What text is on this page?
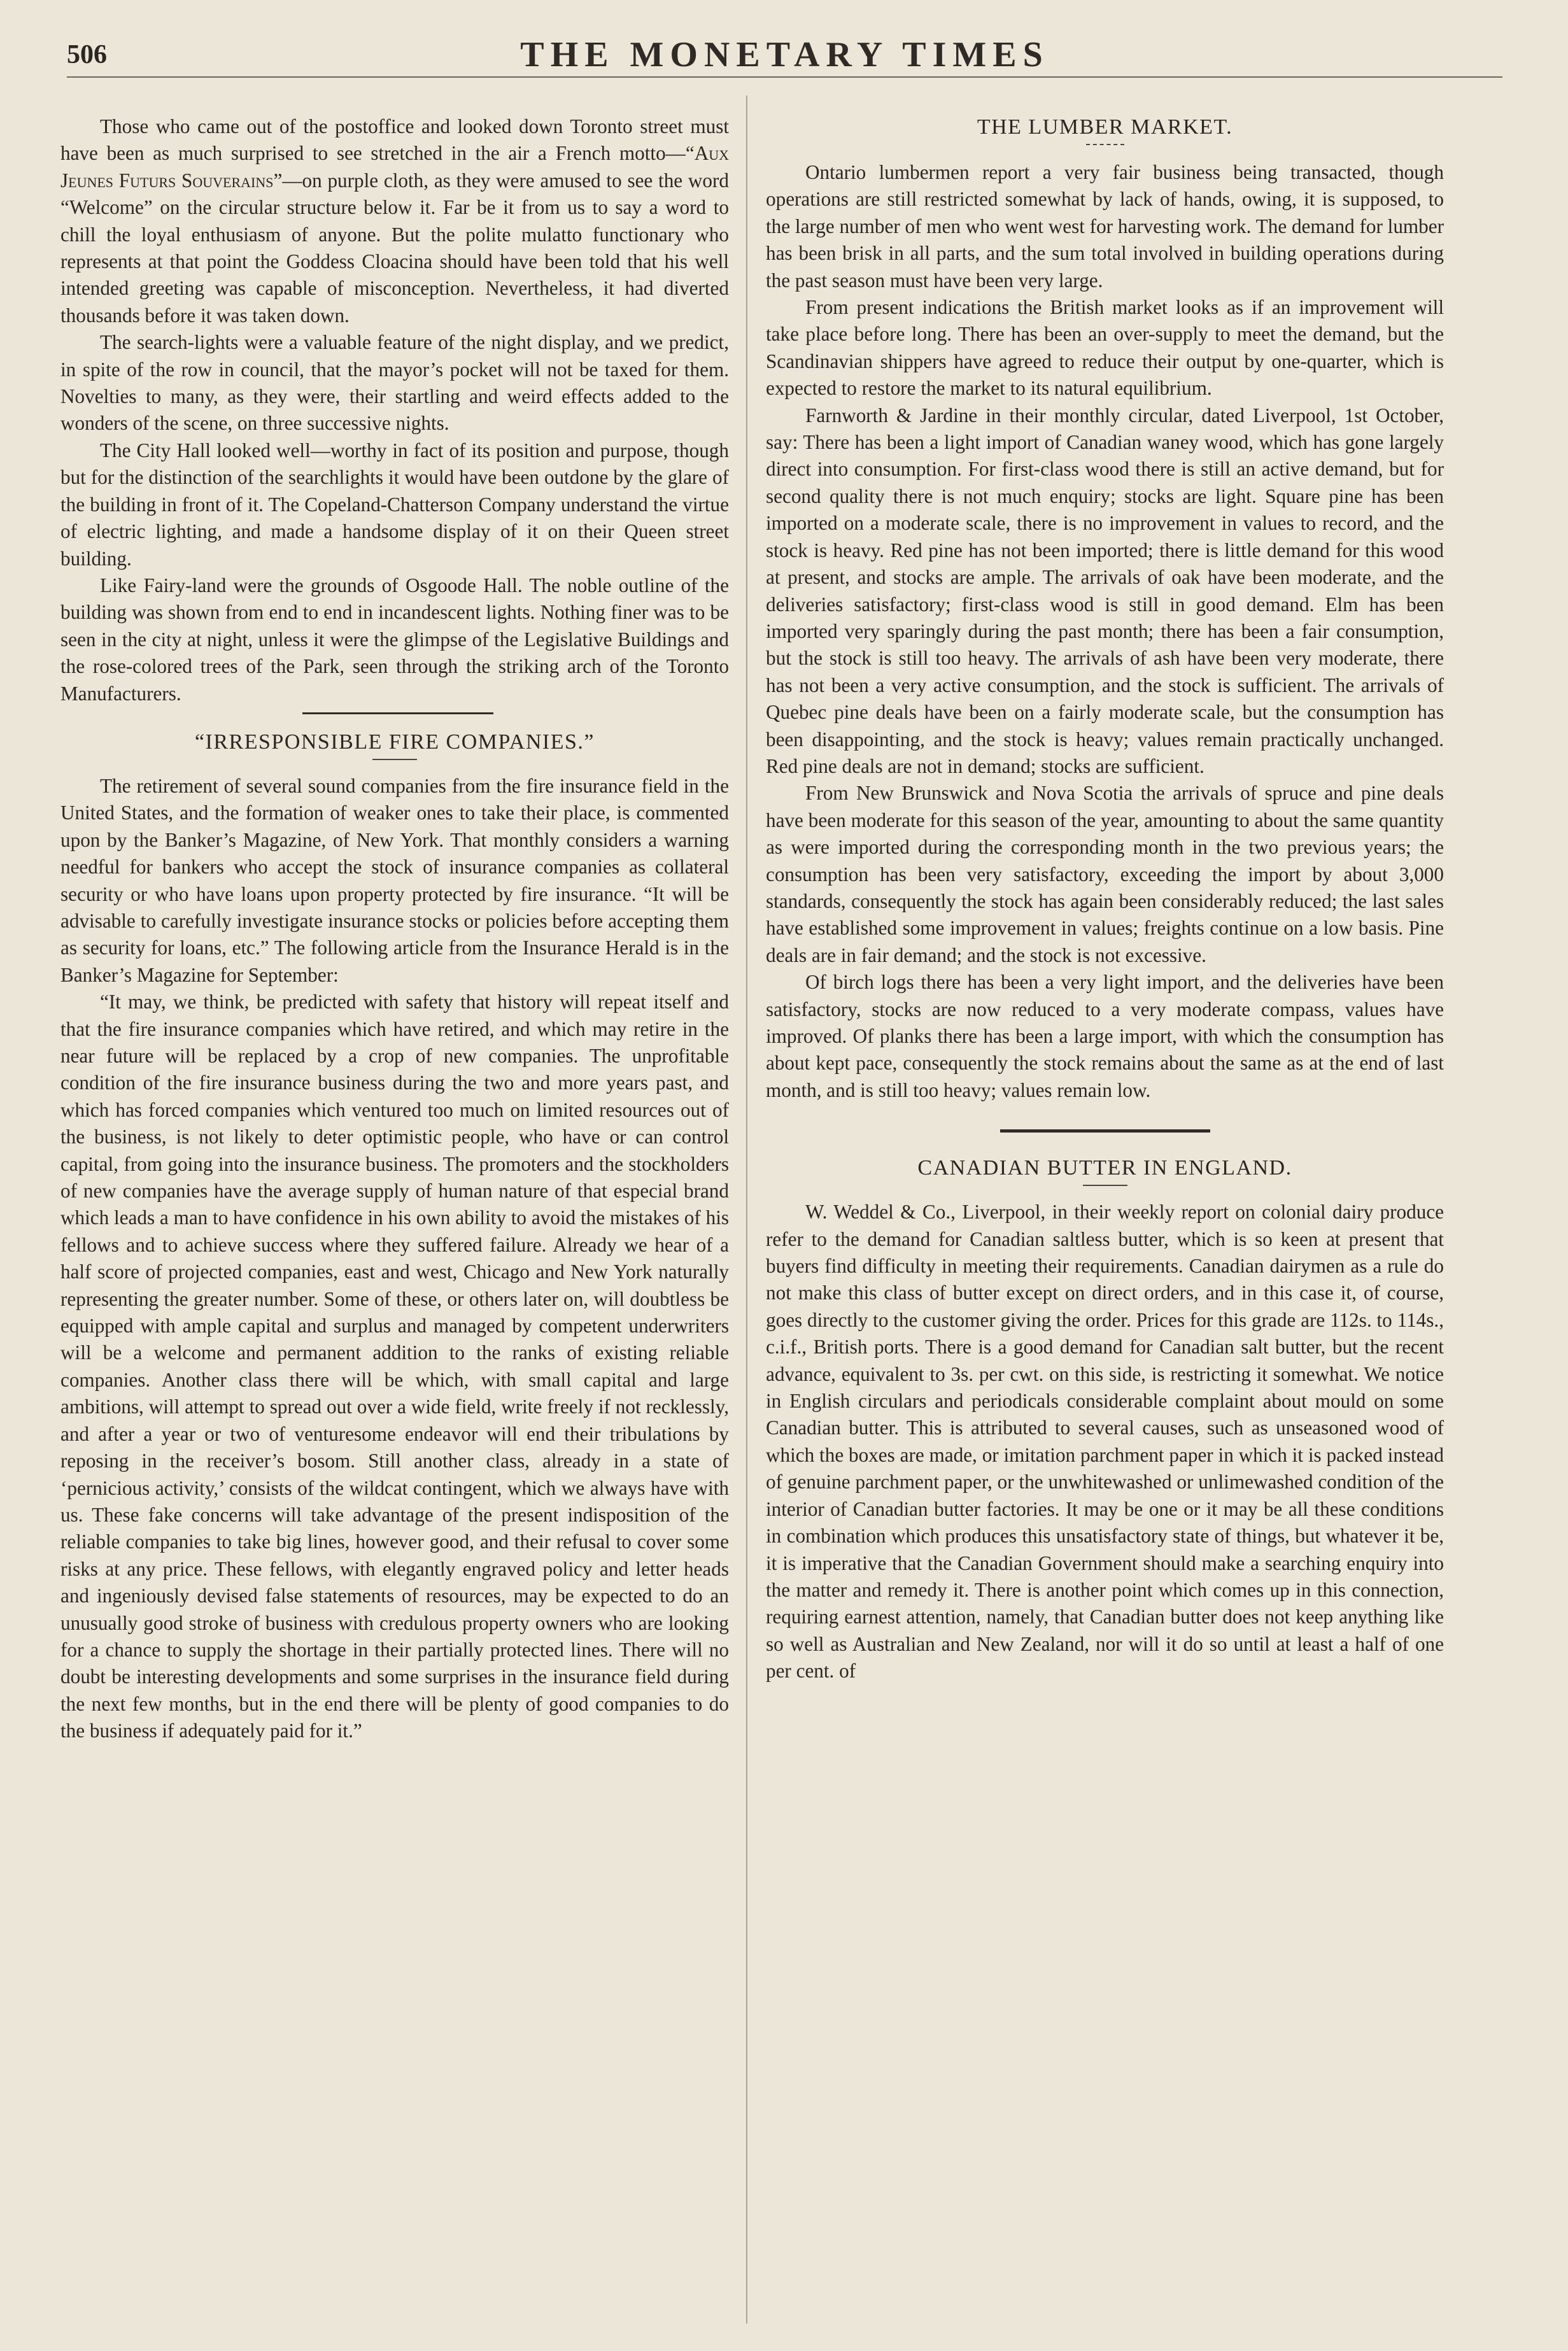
506	THE MONETARY TIMES

Those who came out of the postoffice and looked down Toronto street must have been as much surprised to see stretched in the air a French motto—“Aux Jeunes Futurs Souverains”—on purple cloth, as they were amused to see the word “Welcome” on the circular structure below it. Far be it from us to say a word to chill the loyal enthusiasm of anyone. But the polite mulatto functionary who represents at that point the Goddess Cloacina should have been told that his well intended greeting was capable of misconception. Nevertheless, it had diverted thousands before it was taken down.

The search-lights were a valuable feature of the night display, and we predict, in spite of the row in council, that the mayor’s pocket will not be taxed for them. Novelties to many, as they were, their startling and weird effects added to the wonders of the scene, on three successive nights.

The City Hall looked well—worthy in fact of its position and purpose, though but for the distinction of the searchlights it would have been outdone by the glare of the building in front of it. The Copeland-Chatterson Company understand the virtue of electric lighting, and made a handsome display of it on their Queen street building.

Like Fairy-land were the grounds of Osgoode Hall. The noble outline of the building was shown from end to end in incandescent lights. Nothing finer was to be seen in the city at night, unless it were the glimpse of the Legislative Buildings and the rose-colored trees of the Park, seen through the striking arch of the Toronto Manufacturers.

“IRRESPONSIBLE FIRE COMPANIES.”

The retirement of several sound companies from the fire insurance field in the United States, and the formation of weaker ones to take their place, is commented upon by the Banker’s Magazine, of New York. That monthly considers a warning needful for bankers who accept the stock of insurance companies as collateral security or who have loans upon property protected by fire insurance. “It will be advisable to carefully investigate insurance stocks or policies before accepting them as security for loans, etc.” The following article from the Insurance Herald is in the Banker’s Magazine for September:

“It may, we think, be predicted with safety that history will repeat itself and that the fire insurance companies which have retired, and which may retire in the near future will be replaced by a crop of new companies. The unprofitable condition of the fire insurance business during the two and more years past, and which has forced companies which ventured too much on limited resources out of the business, is not likely to deter optimistic people, who have or can control capital, from going into the insurance business. The promoters and the stockholders of new companies have the average supply of human nature of that especial brand which leads a man to have confidence in his own ability to avoid the mistakes of his fellows and to achieve success where they suffered failure. Already we hear of a half score of projected companies, east and west, Chicago and New York naturally representing the greater number. Some of these, or others later on, will doubtless be equipped with ample capital and surplus and managed by competent underwriters will be a welcome and permanent addition to the ranks of existing reliable companies. Another class there will be which, with small capital and large ambitions, will attempt to spread out over a wide field, write freely if not recklessly, and after a year or two of venturesome endeavor will end their tribulations by reposing in the receiver’s bosom. Still another class, already in a state of ‘pernicious activity,’ consists of the wildcat contingent, which we always have with us. These fake concerns will take advantage of the present indisposition of the reliable companies to take big lines, however good, and their refusal to cover some risks at any price. These fellows, with elegantly engraved policy and letter heads and ingeniously devised false statements of resources, may be expected to do an unusually good stroke of business with credulous property owners who are looking for a chance to supply the shortage in their partially protected lines. There will no doubt be interesting developments and some surprises in the insurance field during the next few months, but in the end there will be plenty of good companies to do the business if adequately paid for it.”

THE LUMBER MARKET.

Ontario lumbermen report a very fair business being transacted, though operations are still restricted somewhat by lack of hands, owing, it is supposed, to the large number of men who went west for harvesting work. The demand for lumber has been brisk in all parts, and the sum total involved in building operations during the past season must have been very large.

From present indications the British market looks as if an improvement will take place before long. There has been an over-supply to meet the demand, but the Scandinavian shippers have agreed to reduce their output by one-quarter, which is expected to restore the market to its natural equilibrium.

Farnworth & Jardine in their monthly circular, dated Liverpool, 1st October, say: There has been a light import of Canadian waney wood, which has gone largely direct into consumption. For first-class wood there is still an active demand, but for second quality there is not much enquiry; stocks are light. Square pine has been imported on a moderate scale, there is no improvement in values to record, and the stock is heavy. Red pine has not been imported; there is little demand for this wood at present, and stocks are ample. The arrivals of oak have been moderate, and the deliveries satisfactory; first-class wood is still in good demand. Elm has been imported very sparingly during the past month; there has been a fair consumption, but the stock is still too heavy. The arrivals of ash have been very moderate, there has not been a very active consumption, and the stock is sufficient. The arrivals of Quebec pine deals have been on a fairly moderate scale, but the consumption has been disappointing, and the stock is heavy; values remain practically unchanged. Red pine deals are not in demand; stocks are sufficient.

From New Brunswick and Nova Scotia the arrivals of spruce and pine deals have been moderate for this season of the year, amounting to about the same quantity as were imported during the corresponding month in the two previous years; the consumption has been very satisfactory, exceeding the import by about 3,000 standards, consequently the stock has again been considerably reduced; the last sales have established some improvement in values; freights continue on a low basis. Pine deals are in fair demand; and the stock is not excessive.

Of birch logs there has been a very light import, and the deliveries have been satisfactory, stocks are now reduced to a very moderate compass, values have improved. Of planks there has been a large import, with which the consumption has about kept pace, consequently the stock remains about the same as at the end of last month, and is still too heavy; values remain low.

CANADIAN BUTTER IN ENGLAND.

W. Weddel & Co., Liverpool, in their weekly report on colonial dairy produce refer to the demand for Canadian saltless butter, which is so keen at present that buyers find difficulty in meeting their requirements. Canadian dairymen as a rule do not make this class of butter except on direct orders, and in this case it, of course, goes directly to the customer giving the order. Prices for this grade are 112s. to 114s., c.i.f., British ports. There is a good demand for Canadian salt butter, but the recent advance, equivalent to 3s. per cwt. on this side, is restricting it somewhat. We notice in English circulars and periodicals considerable complaint about mould on some Canadian butter. This is attributed to several causes, such as unseasoned wood of which the boxes are made, or imitation parchment paper in which it is packed instead of genuine parchment paper, or the unwhitewashed or unlimewashed condition of the interior of Canadian butter factories. It may be one or it may be all these conditions in combination which produces this unsatisfactory state of things, but whatever it be, it is imperative that the Canadian Government should make a searching enquiry into the matter and remedy it. There is another point which comes up in this connection, requiring earnest attention, namely, that Canadian butter does not keep anything like so well as Australian and New Zealand, nor will it do so until at least a half of one per cent. of
